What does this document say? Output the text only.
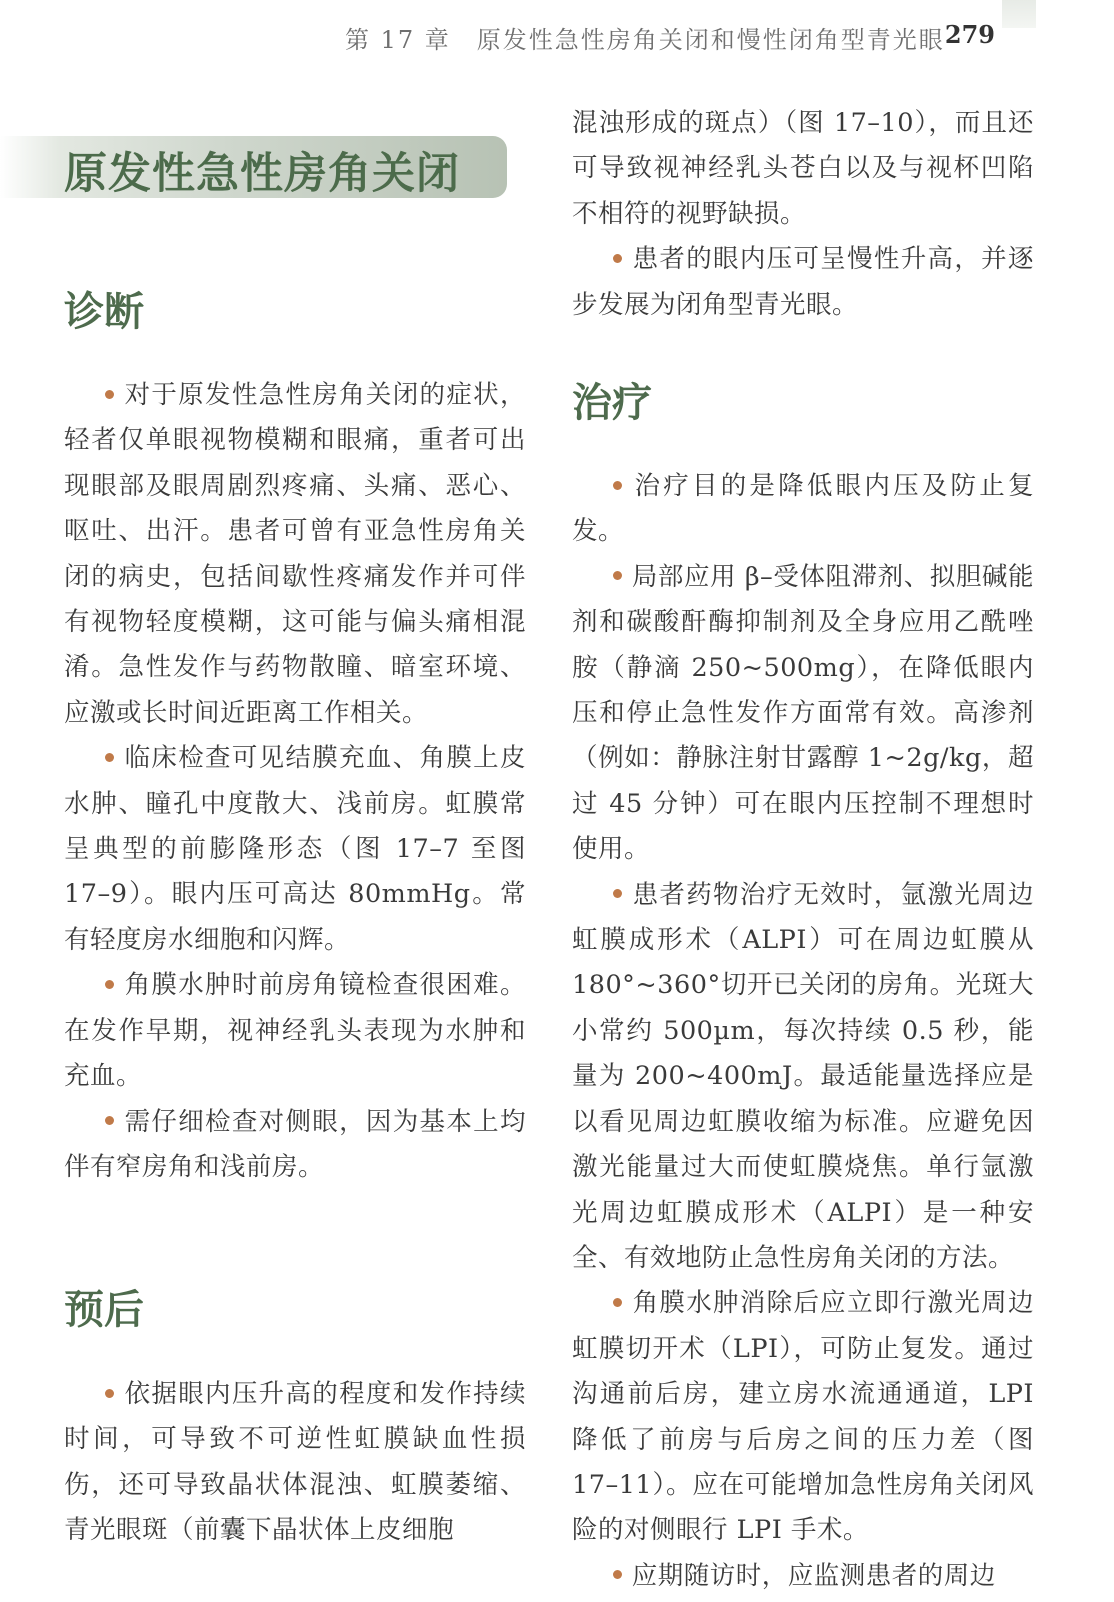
第 17 章　原发性急性房角关闭和慢性闭角型青光眼 279
原发性急性房角关闭
诊断

对于原发性急性房角关闭的症状，轻者仅单眼视物模糊和眼痛，重者可出现眼部及眼周剧烈疼痛、头痛、恶心、呕吐、出汗。患者可曾有亚急性房角关闭的病史，包括间歇性疼痛发作并可伴有视物轻度模糊，这可能与偏头痛相混淆。急性发作与药物散瞳、暗室环境、应激或长时间近距离工作相关。

临床检查可见结膜充血、角膜上皮水肿、瞳孔中度散大、浅前房。虹膜常呈典型的前膨隆形态（图 17–7 至图 17–9）。眼内压可高达 80mmHg。常有轻度房水细胞和闪辉。

角膜水肿时前房角镜检查很困难。在发作早期，视神经乳头表现为水肿和充血。

需仔细检查对侧眼，因为基本上均伴有窄房角和浅前房。

预后

依据眼内压升高的程度和发作持续时间，可导致不可逆性虹膜缺血性损伤，还可导致晶状体混浊、虹膜萎缩、青光眼斑（前囊下晶状体上皮细胞

混浊形成的斑点）（图 17–10），而且还可导致视神经乳头苍白以及与视杯凹陷不相符的视野缺损。

患者的眼内压可呈慢性升高，并逐步发展为闭角型青光眼。

治疗

治疗目的是降低眼内压及防止复发。

局部应用 β–受体阻滞剂、拟胆碱能剂和碳酸酐酶抑制剂及全身应用乙酰唑胺（静滴 250~500mg），在降低眼内压和停止急性发作方面常有效。高渗剂（例如：静脉注射甘露醇 1~2g/kg，超过 45 分钟）可在眼内压控制不理想时使用。

患者药物治疗无效时，氩激光周边虹膜成形术（ALPI）可在周边虹膜从180°~360°切开已关闭的房角。光斑大小常约 500µm，每次持续 0.5 秒，能量为 200~400mJ。最适能量选择应是以看见周边虹膜收缩为标准。应避免因激光能量过大而使虹膜烧焦。单行氩激光周边虹膜成形术（ALPI）是一种安全、有效地防止急性房角关闭的方法。

角膜水肿消除后应立即行激光周边虹膜切开术（LPI），可防止复发。通过沟通前后房，建立房水流通通道，LPI 降低了前房与后房之间的压力差（图 17–11）。应在可能增加急性房角关闭风险的对侧眼行 LPI 手术。

应期随访时，应监测患者的周边
